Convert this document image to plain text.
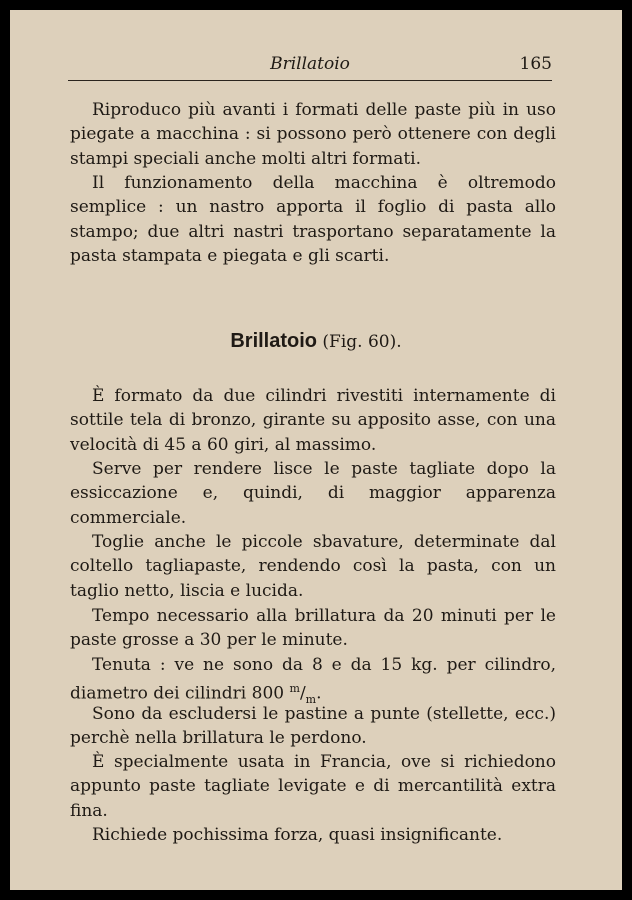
Brillatoio	165

Riproduco più avanti i formati delle paste più in uso piegate a macchina : si possono però ottenere con degli stampi speciali anche molti altri formati.

Il funzionamento della macchina è oltremodo semplice : un nastro apporta il foglio di pasta allo stampo; due altri nastri trasportano separatamente la pasta stampata e piegata e gli scarti.

Brillatoio (Fig. 60).

È formato da due cilindri rivestiti internamente di sottile tela di bronzo, girante su apposito asse, con una velocità di 45 a 60 giri, al massimo.

Serve per rendere lisce le paste tagliate dopo la essiccazione e, quindi, di maggior apparenza commerciale.

Toglie anche le piccole sbavature, determinate dal coltello tagliapaste, rendendo così la pasta, con un taglio netto, liscia e lucida.

Tempo necessario alla brillatura da 20 minuti per le paste grosse a 30 per le minute.

Tenuta : ve ne sono da 8 e da 15 kg. per cilindro, diametro dei cilindri 800 $^m/_m$.

Sono da escludersi le pastine a punte (stellette, ecc.) perchè nella brillatura le perdono.

È specialmente usata in Francia, ove si richiedono appunto paste tagliate levigate e di mercantilità extra fina.

Richiede pochissima forza, quasi insignificante.
